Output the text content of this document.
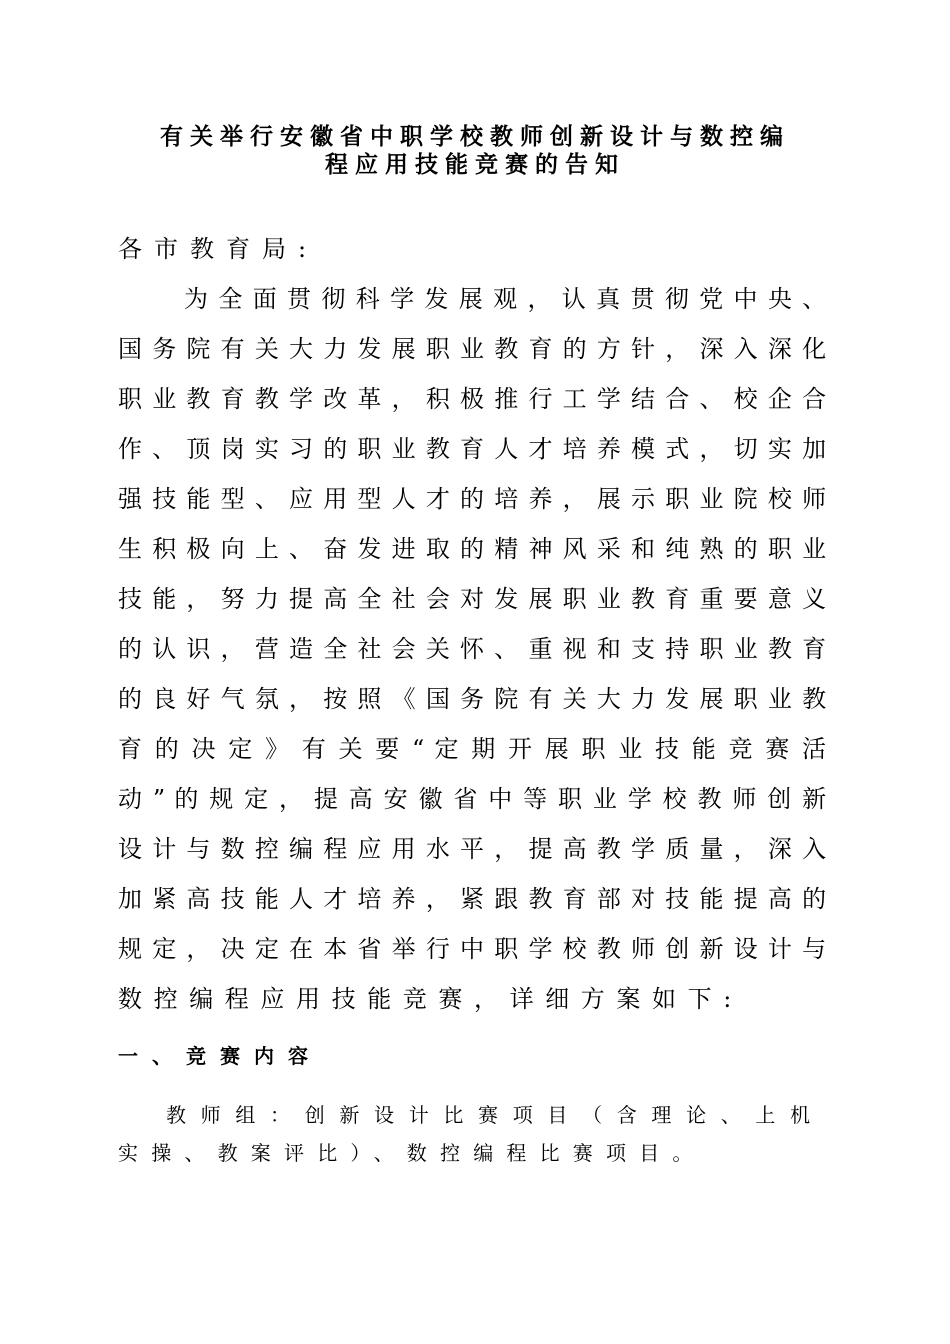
有关举行安徽省中职学校教师创新设计与数控编
程应用技能竞赛的告知

各市教育局:

为 全 面 贯 彻 科 学 发 展 观 ， 认 真 贯 彻 党 中 央 、

国 务 院 有 关 大 力 发 展 职 业 教 育 的 方 针 ， 深 入 深 化

职 业 教 育 教 学 改 革 ， 积 极 推 行 工 学 结 合 、 校 企 合

作 、 顶 岗 实 习 的 职 业 教 育 人 才 培 养 模 式 ， 切 实 加

强 技 能 型 、 应 用 型 人 才 的 培 养 ， 展 示 职 业 院 校 师

生 积 极 向 上 、 奋 发 进 取 的 精 神 风 采 和 纯 熟 的 职 业

技 能 ， 努 力 提 高 全 社 会 对 发 展 职 业 教 育 重 要 意 义

的 认 识 ， 营 造 全 社 会 关 怀 、 重 视 和 支 持 职 业 教 育

的 良 好 气 氛 ， 按 照 《 国 务 院 有 关 大 力 发 展 职 业 教

育 的 决 定 》 有 关 要 “ 定 期 开 展 职 业 技 能 竞 赛 活

动 ” 的 规 定 ， 提 高 安 徽 省 中 等 职 业 学 校 教 师 创 新

设 计 与 数 控 编 程 应 用 水 平 ， 提 高 教 学 质 量 ， 深 入

加 紧 高 技 能 人 才 培 养 ， 紧 跟 教 育 部 对 技 能 提 高 的

规 定 ， 决 定 在 本 省 举 行 中 职 学 校 教 师 创 新 设 计 与

数控编程应用技能竞赛，详细方案如下:

一、竞赛内容

教 师 组 ： 创 新 设 计 比 赛 项 目 （ 含 理 论 、 上 机

实操、教案评比）、数控编程比赛项目。
